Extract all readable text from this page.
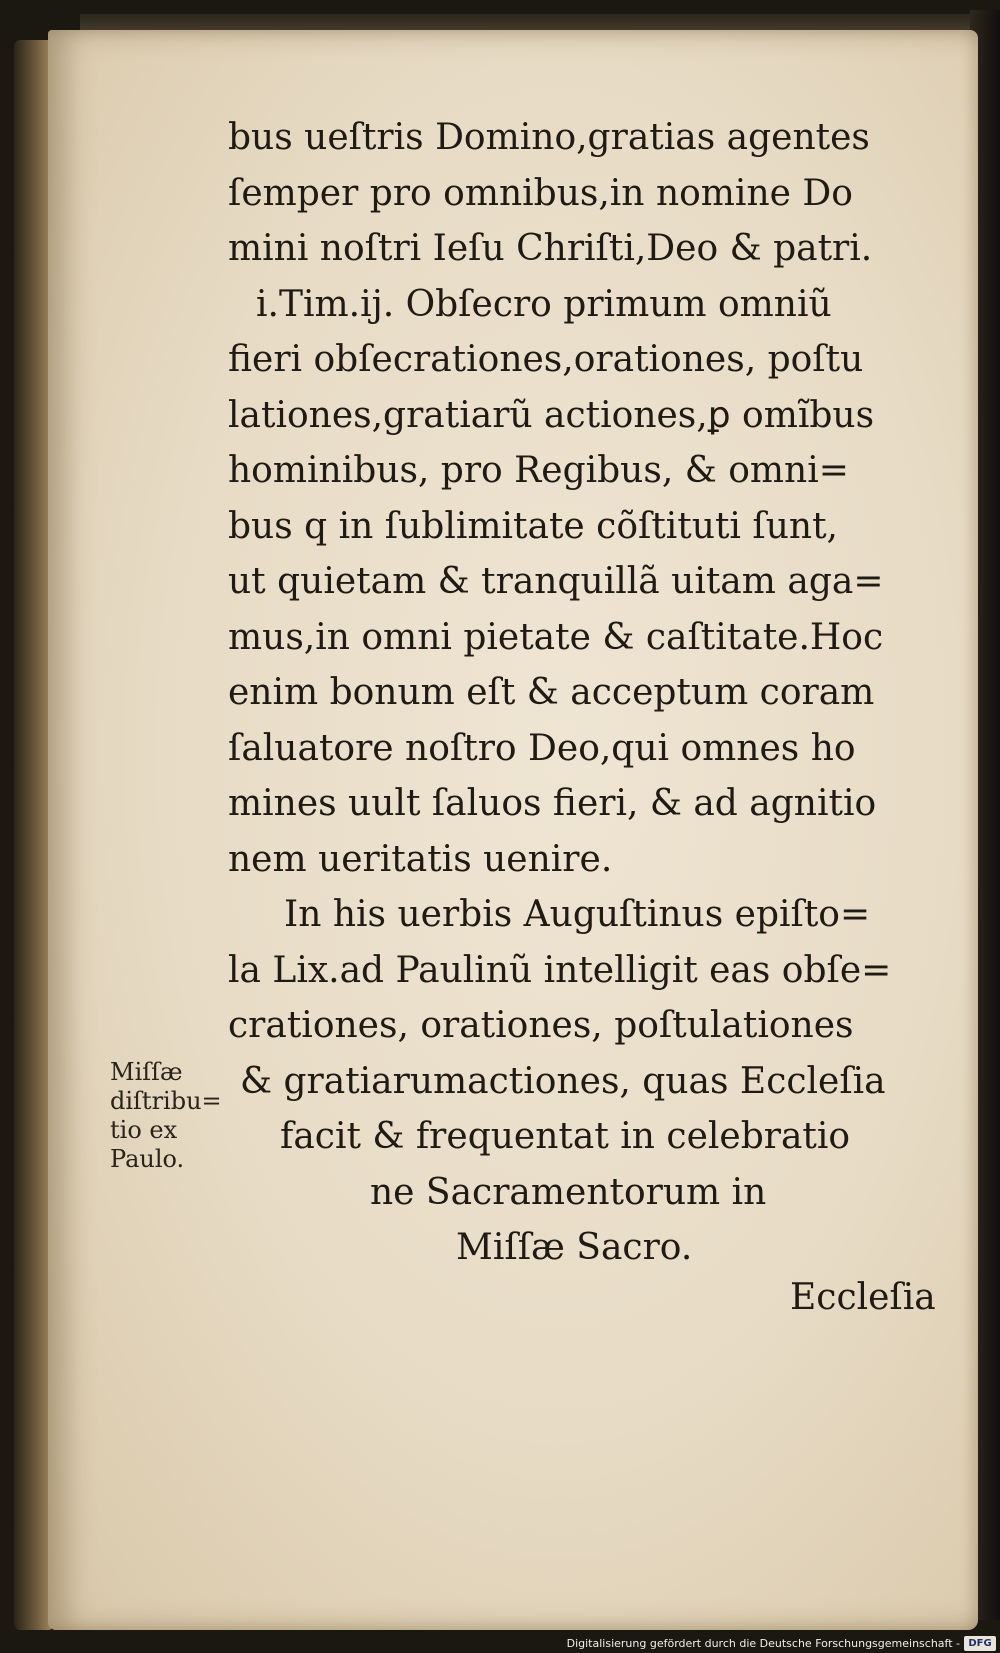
bus ueſtris Domino,gratias agentes
ſemper pro omnibus,in nomine Do
mini noſtri Ieſu Chriſti,Deo & patri.
i.Tim.ij. Obſecro primum omniũ
fieri obſecrationes,orationes, poſtu
lationes,gratiarũ actiones,ꝑ omĩbus
hominibus, pro Regibus, & omni=
bus q in ſublimitate cõſtituti ſunt,
ut quietam & tranquillã uitam aga=
mus,in omni pietate & caſtitate.Hoc
enim bonum eſt & acceptum coram
ſaluatore noſtro Deo,qui omnes ho
mines uult ſaluos fieri, & ad agnitio
nem ueritatis uenire.
In his uerbis Auguſtinus epiſto=
la Lix.ad Paulinũ intelligit eas obſe=
crationes, orationes, poſtulationes
& gratiarumactiones, quas Eccleſia
facit & frequentat in celebratio
ne Sacramentorum in
Miſſæ Sacro.
Miſſæ
diſtribu=
tio ex
Paulo.
Eccleſia
Digitalisierung gefördert durch die Deutsche Forschungsgemeinschaft - DFG
